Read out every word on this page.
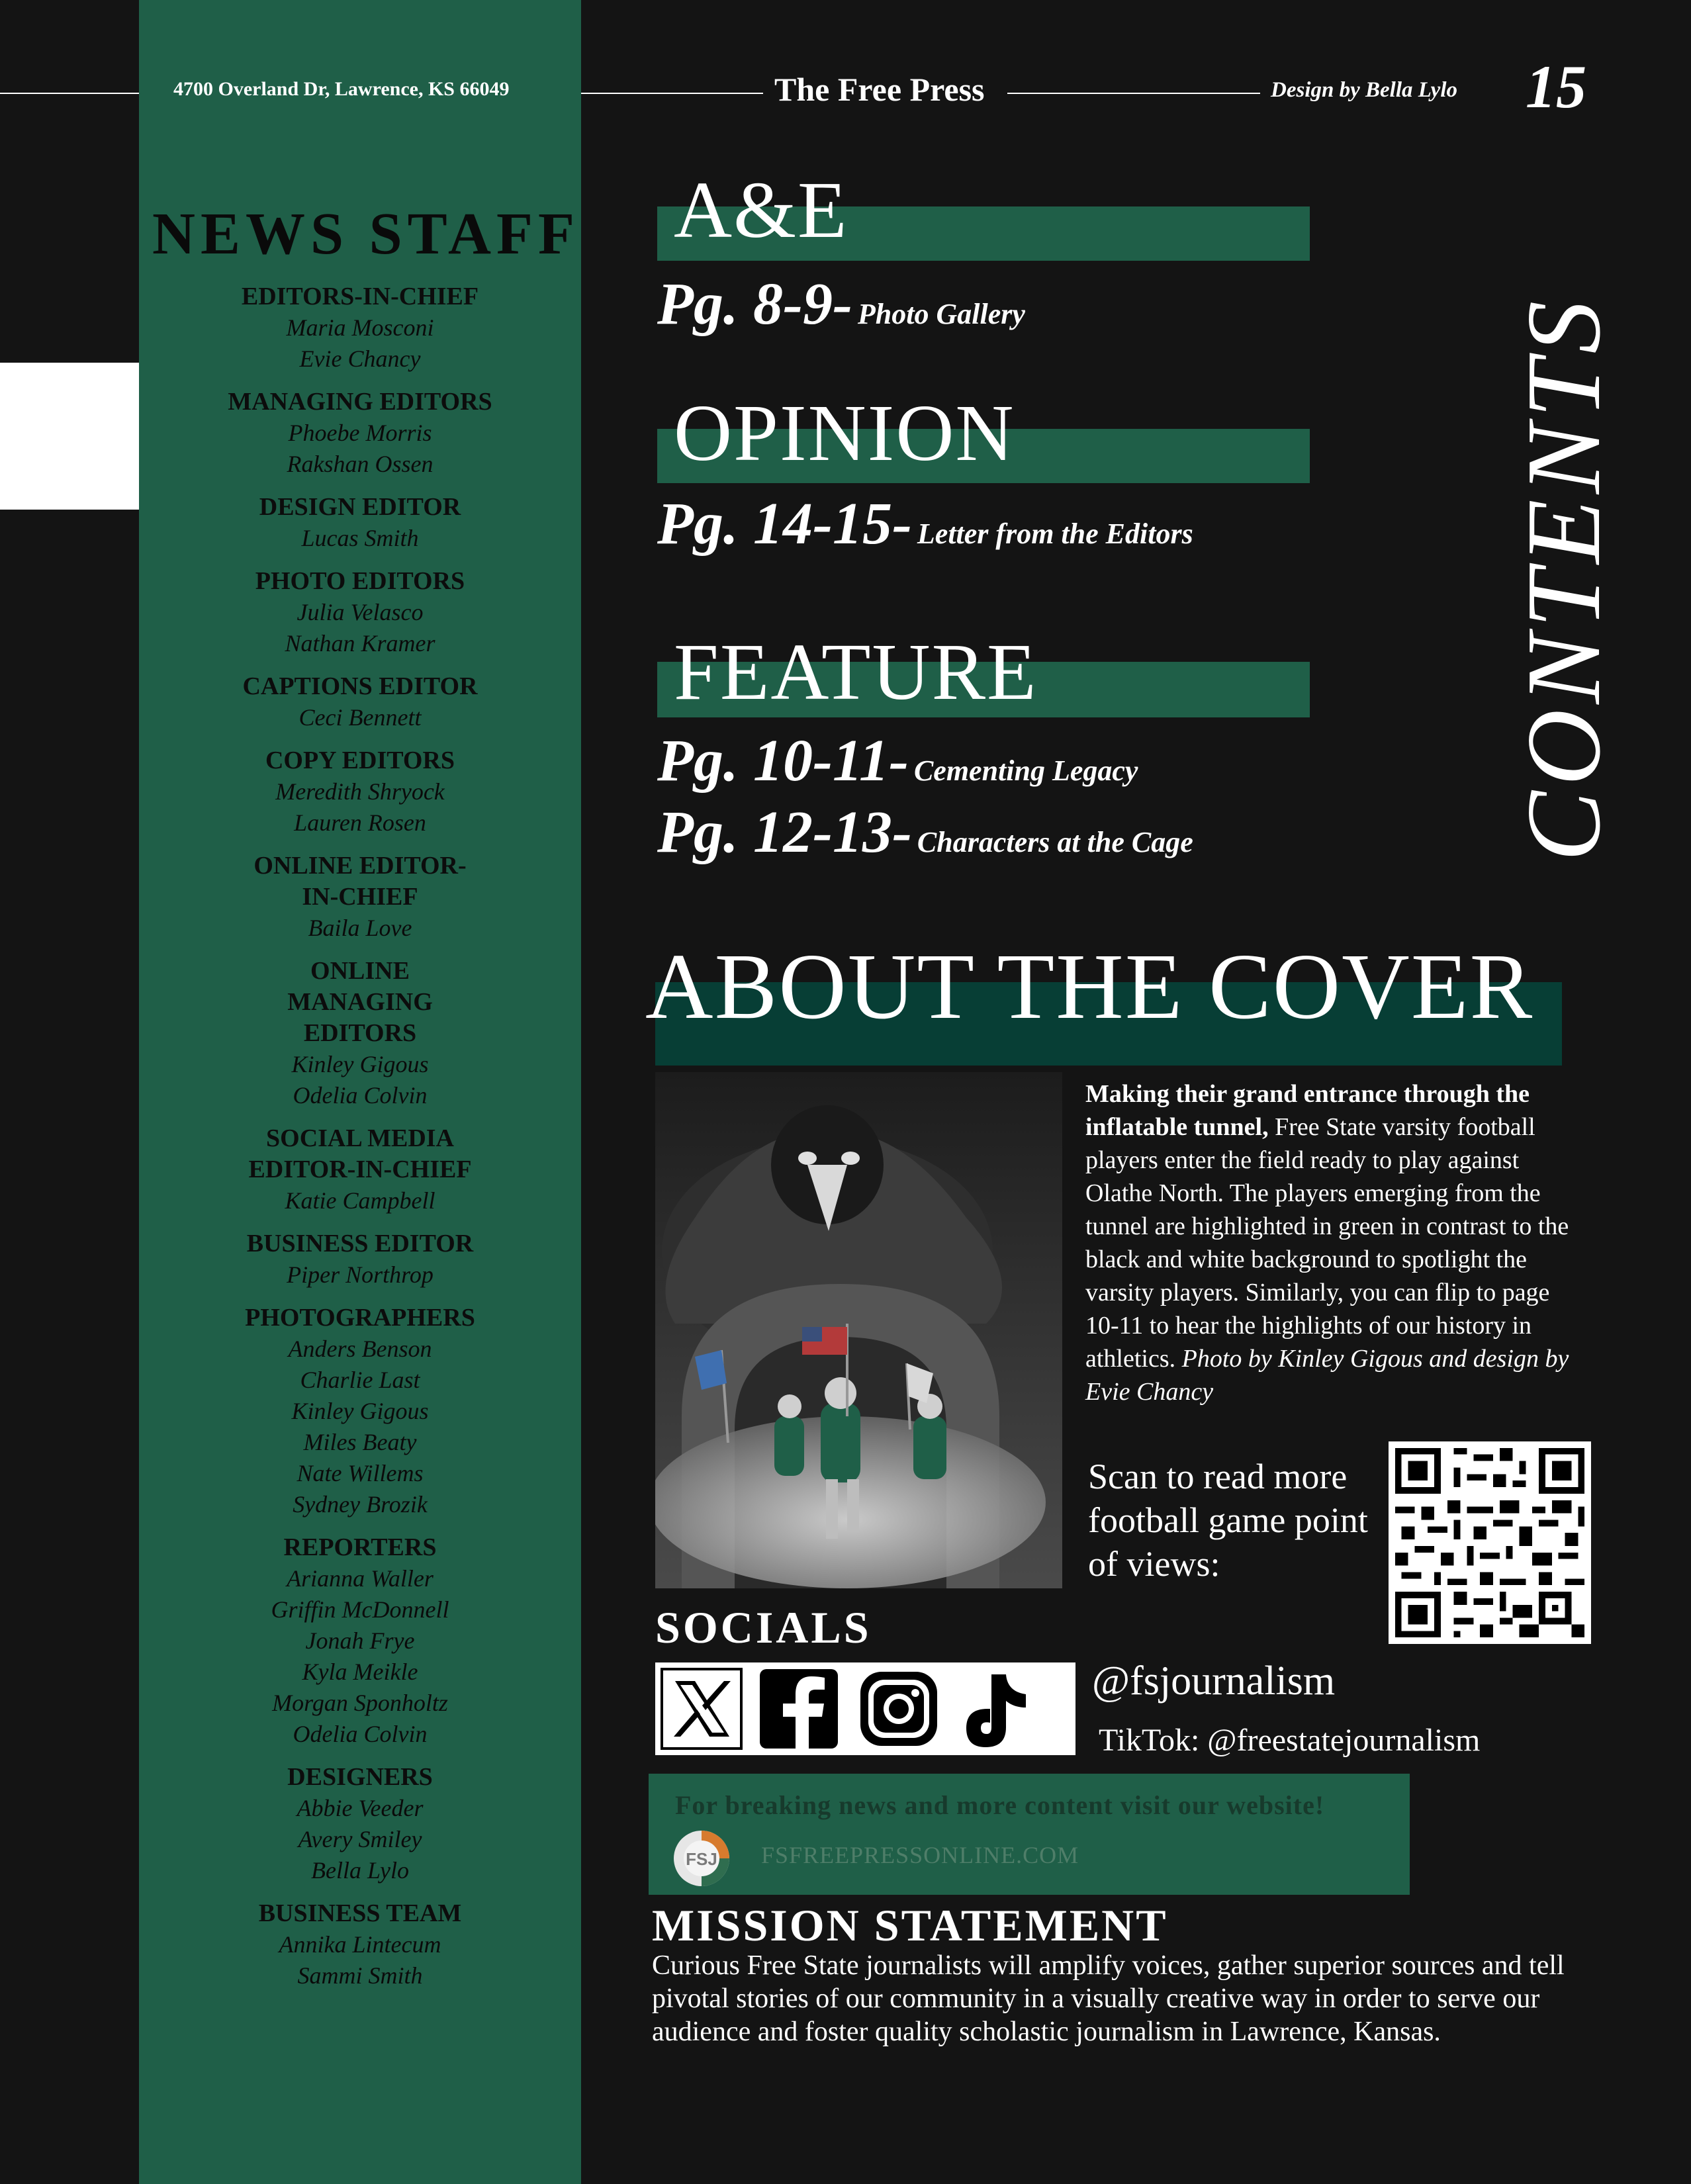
4700 Overland Dr, Lawrence, KS 66049	The Free Press	Design by Bella Lylo 15
NEWS STAFF
EDITORS-IN-CHIEF
Maria Mosconi
Evie Chancy
MANAGING EDITORS
Phoebe Morris
Rakshan Ossen
DESIGN EDITOR
Lucas Smith
PHOTO EDITORS
Julia Velasco
Nathan Kramer
CAPTIONS EDITOR
Ceci Bennett
COPY EDITORS
Meredith Shryock
Lauren Rosen
ONLINE EDITOR-IN-CHIEF
Baila Love
ONLINE MANAGING EDITORS
Kinley Gigous
Odelia Colvin
SOCIAL MEDIA EDITOR-IN-CHIEF
Katie Campbell
BUSINESS EDITOR
Piper Northrop
PHOTOGRAPHERS
Anders Benson
Charlie Last
Kinley Gigous
Miles Beaty
Nate Willems
Sydney Brozik
REPORTERS
Arianna Waller
Griffin McDonnell
Jonah Frye
Kyla Meikle
Morgan Sponholtz
Odelia Colvin
DESIGNERS
Abbie Veeder
Avery Smiley
Bella Lylo
BUSINESS TEAM
Annika Lintecum
Sammi Smith
A&E
Pg. 8-9- Photo Gallery
OPINION
Pg. 14-15- Letter from the Editors
FEATURE
Pg. 10-11- Cementing Legacy
Pg. 12-13- Characters at the Cage	CONTENTS
ABOUT THE COVER
Making their grand entrance through the inflatable tunnel, Free State varsity football players enter the field ready to play against Olathe North. The players emerging from the tunnel are highlighted in green in contrast to the black and white background to spotlight the varsity players. Similarly, you can flip to page 10-11 to hear the highlights of our history in athletics. Photo by Kinley Gigous and design by Evie Chancy
Scan to read more football game point of views:
SOCIALS
@fsjournalism
TikTok: @freestatejournalism
For breaking news and more content visit our website!
FSJ FSFREEPRESSONLINE.COM
MISSION STATEMENT
Curious Free State journalists will amplify voices, gather superior sources and tell pivotal stories of our community in a visually creative way in order to serve our audience and foster quality scholastic journalism in Lawrence, Kansas.
